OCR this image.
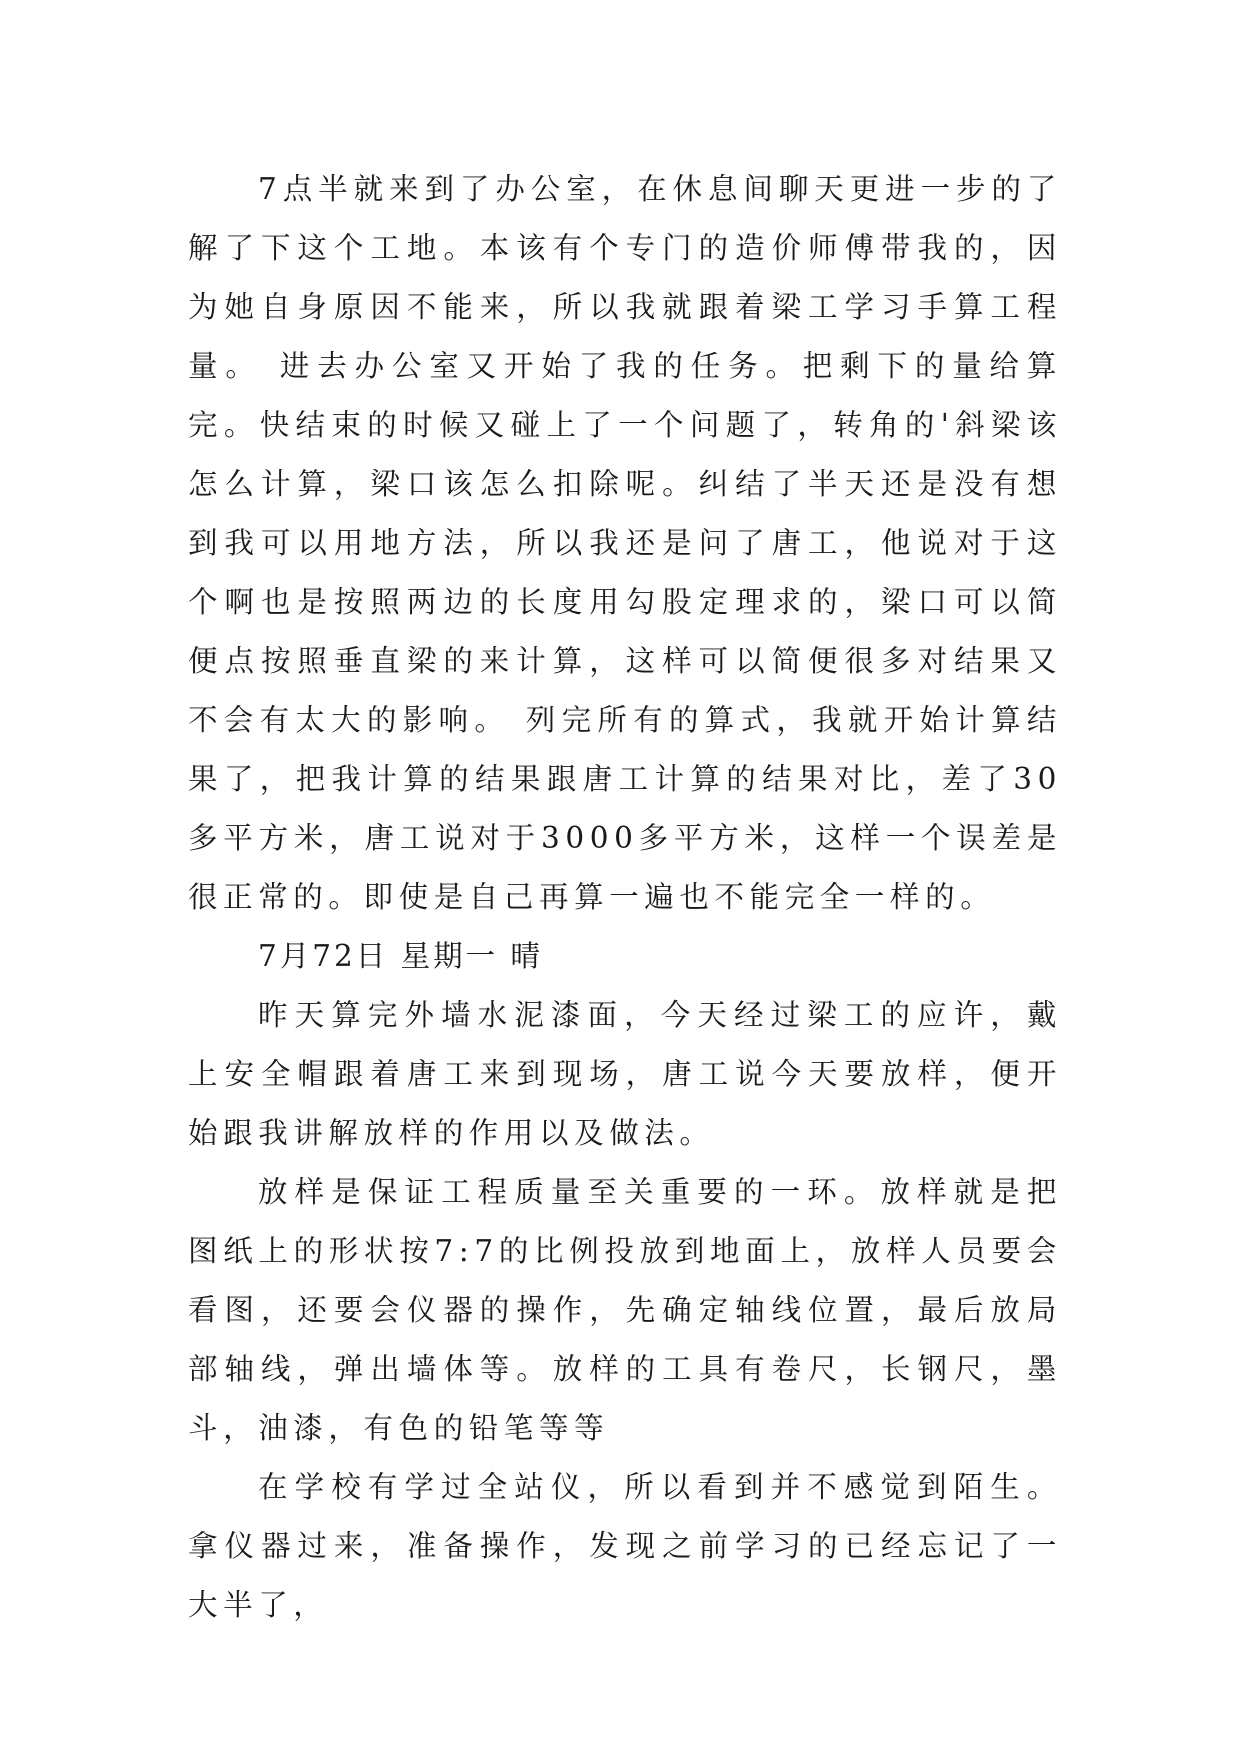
7点半就来到了办公室，在休息间聊天更进一步的了解了下这个工地。本该有个专门的造价师傅带我的，因为她自身原因不能来，所以我就跟着梁工学习手算工程量。 进去办公室又开始了我的任务。把剩下的量给算完。快结束的时候又碰上了一个问题了，转角的'斜梁该怎么计算，梁口该怎么扣除呢。纠结了半天还是没有想到我可以用地方法，所以我还是问了唐工，他说对于这个啊也是按照两边的长度用勾股定理求的，梁口可以简便点按照垂直梁的来计算，这样可以简便很多对结果又不会有太大的影响。 列完所有的算式，我就开始计算结果了，把我计算的结果跟唐工计算的结果对比，差了30多平方米，唐工说对于3000多平方米，这样一个误差是很正常的。即使是自己再算一遍也不能完全一样的。

7月72日 星期一 晴

昨天算完外墙水泥漆面，今天经过梁工的应许，戴上安全帽跟着唐工来到现场，唐工说今天要放样，便开始跟我讲解放样的作用以及做法。

放样是保证工程质量至关重要的一环。放样就是把图纸上的形状按7:7的比例投放到地面上，放样人员要会看图，还要会仪器的操作，先确定轴线位置，最后放局部轴线，弹出墙体等。放样的工具有卷尺，长钢尺，墨斗，油漆，有色的铅笔等等

在学校有学过全站仪，所以看到并不感觉到陌生。拿仪器过来，准备操作，发现之前学习的已经忘记了一大半了，
